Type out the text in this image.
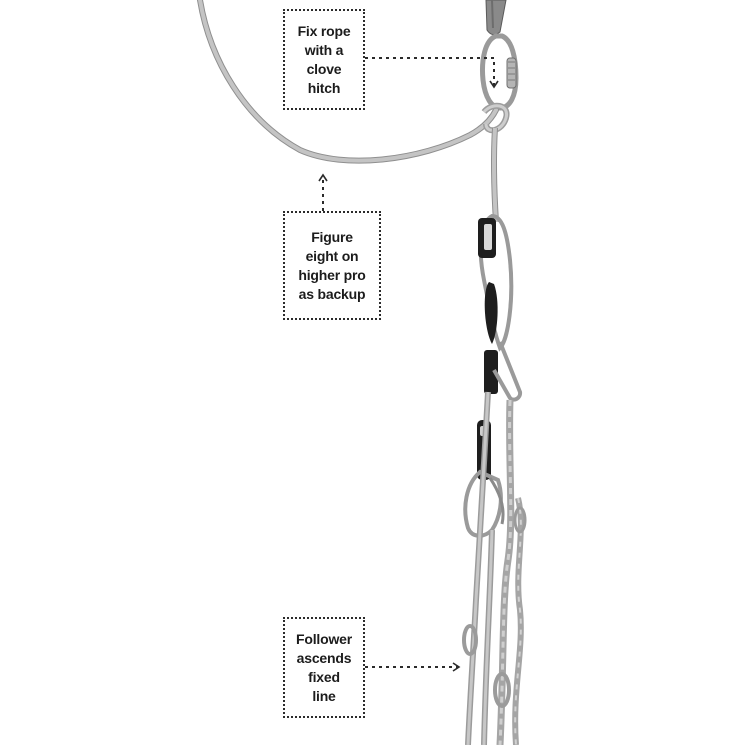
Fix rope
with a
clove
hitch
Figure
eight on
higher pro
as backup
Follower
ascends
fixed
line
